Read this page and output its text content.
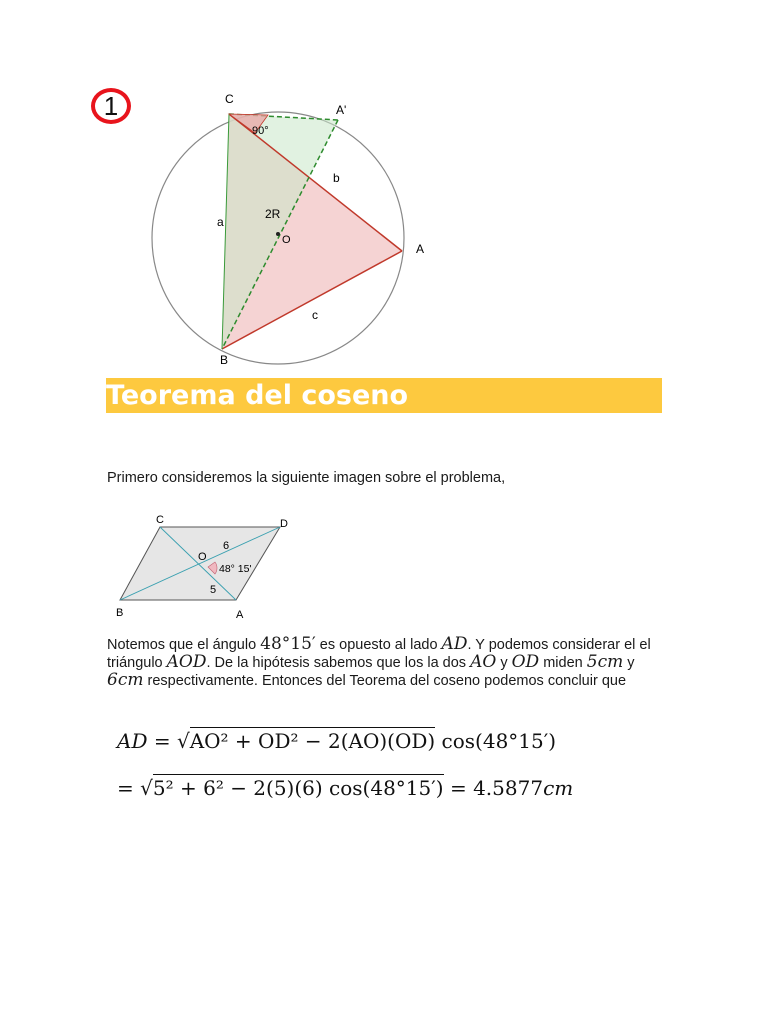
1	C
A'
90°
b
2R
O
a
A
c
B
Teorema del coseno
Primero consideremos la siguiente imagen sobre el problema,
C	D
O
6
48° 15'
5
B	A
Notemos que el ángulo 48°15′ es opuesto al lado AD. Y podemos considerar el el triángulo AOD. De la hipótesis sabemos que los la dos AO y OD miden 5cm y 6cm respectivamente. Entonces del Teorema del coseno podemos concluir que
AD = √AO² + OD² − 2(AO)(OD) cos(48°15′)
= √5² + 6² − 2(5)(6) cos(48°15′) = 4.5877cm
